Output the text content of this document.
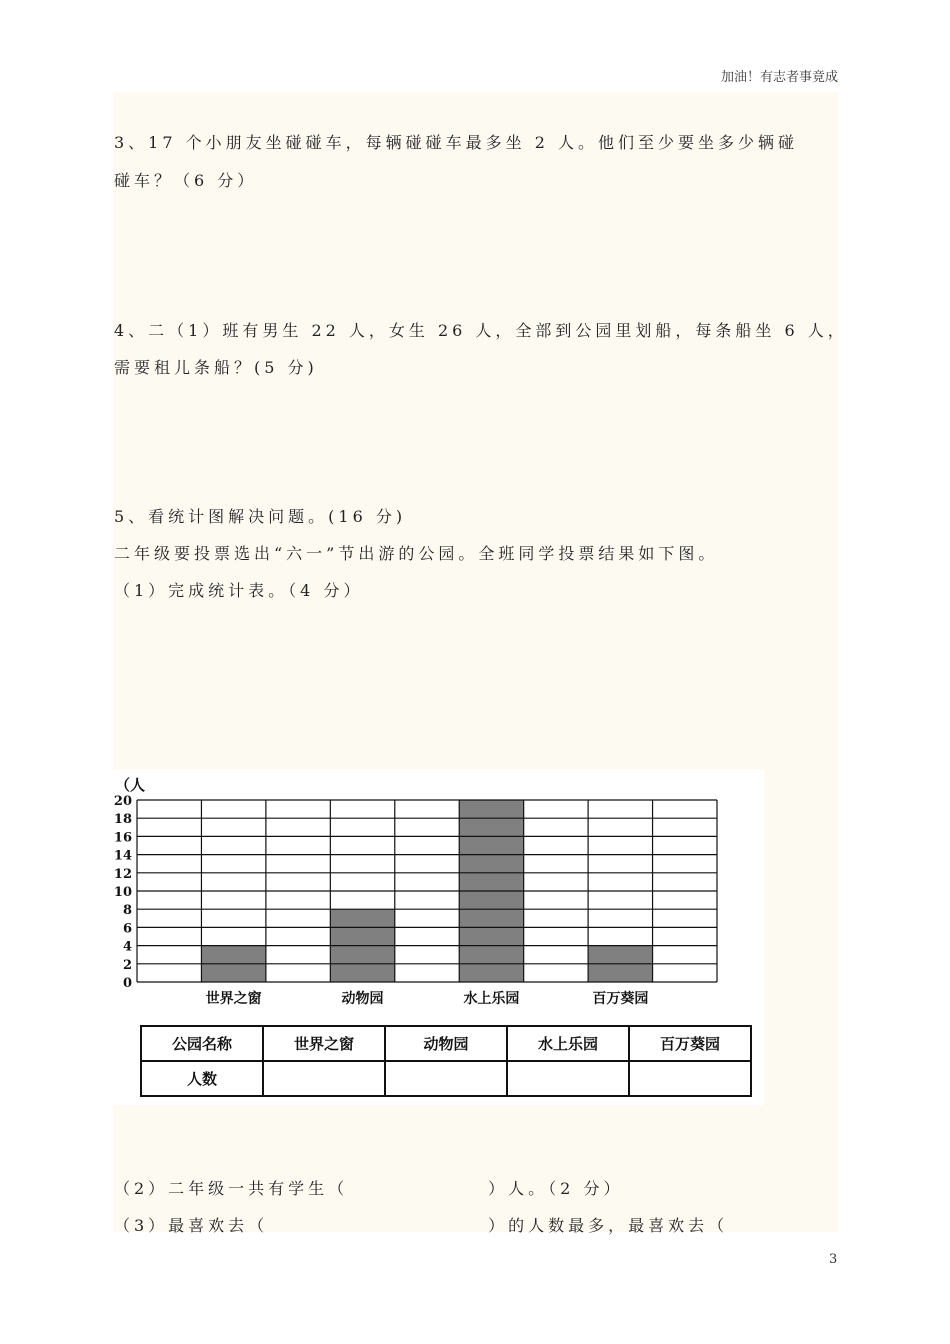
加油！有志者事竟成
3、17 个小朋友坐碰碰车，每辆碰碰车最多坐 2 人。他们至少要坐多少辆碰
碰车？（6 分）
4、二（1）班有男生 22 人，女生 26 人，全部到公园里划船，每条船坐 6 人，
需要租儿条船？(5 分)
5、看统计图解决问题。(16 分)
二年级要投票选出“六一”节出游的公园。全班同学投票结果如下图。
（1）完成统计表。（4 分）
0
2
4
6
8
10
12
14
16
18
20
（人
世界之窗	动物园	水上乐园	百万葵园
公园名称	世界之窗	动物园	水上乐园	百万葵园
人数				
（2）二年级一共有学生（　　　　　　　）人。（2 分）
（3）最喜欢去（　　　　　　　　　　　）的人数最多，最喜欢去（
3
